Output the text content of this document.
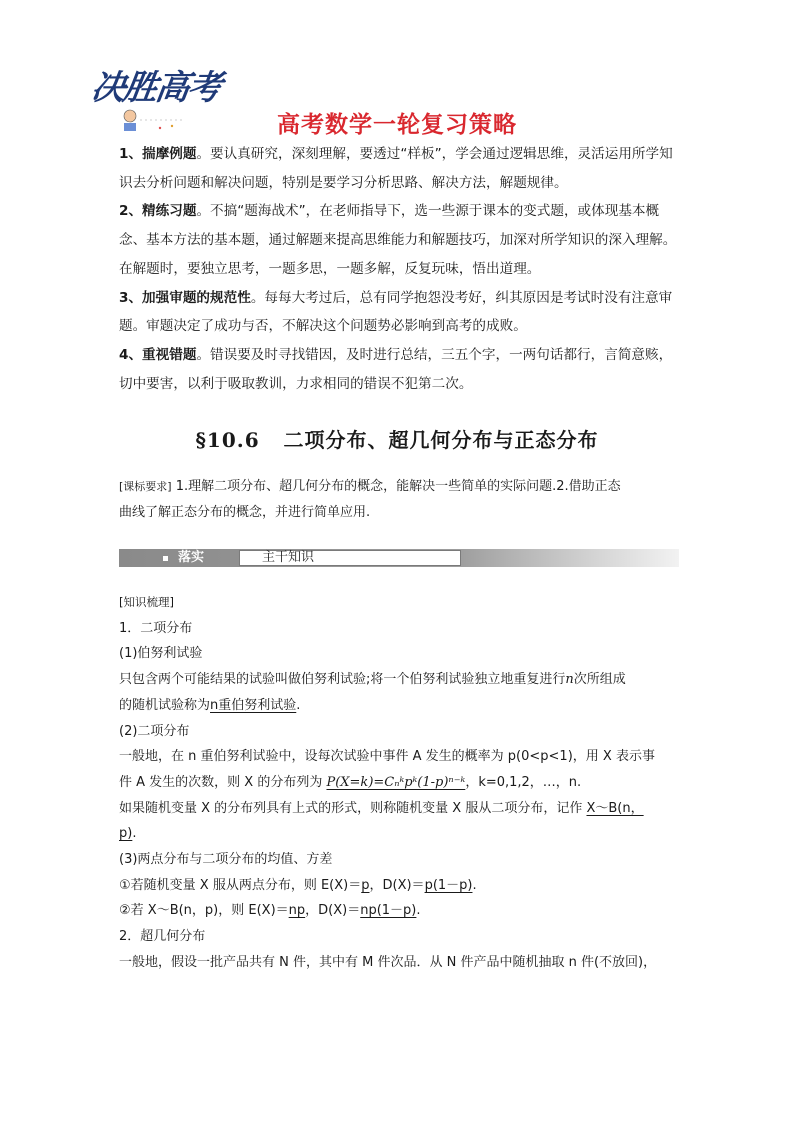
决胜高考
高考数学一轮复习策略

1、揣摩例题。要认真研究，深刻理解，要透过“样板”，学会通过逻辑思维，灵活运用所学知识去分析问题和解决问题，特别是要学习分析思路、解决方法，解题规律。

2、精练习题。不搞“题海战术”，在老师指导下，选一些源于课本的变式题，或体现基本概念、基本方法的基本题，通过解题来提高思维能力和解题技巧，加深对所学知识的深入理解。在解题时，要独立思考，一题多思，一题多解，反复玩味，悟出道理。

3、加强审题的规范性。每每大考过后，总有同学抱怨没考好，纠其原因是考试时没有注意审题。审题决定了成功与否，不解决这个问题势必影响到高考的成败。

4、重视错题。错误要及时寻找错因，及时进行总结，三五个字，一两句话都行，言简意赅，切中要害，以利于吸取教训，力求相同的错误不犯第二次。

§10.6 二项分布、超几何分布与正态分布
[课标要求] 1.理解二项分布、超几何分布的概念，能解决一些简单的实际问题.2.借助正态
曲线了解正态分布的概念，并进行简单应用.
落实	主干知识
[知识梳理]
1．二项分布
(1)伯努利试验
只包含两个可能结果的试验叫做伯努利试验;将一个伯努利试验独立地重复进行n次所组成
的随机试验称为n重伯努利试验.
(2)二项分布
一般地，在 n 重伯努利试验中，设每次试验中事件 A 发生的概率为 p(0<p<1)，用 X 表示事
件 A 发生的次数，则 X 的分布列为 P(X=k)=Cₙᵏpᵏ(1-p)ⁿ⁻ᵏ，k=0,1,2，…，n.
如果随机变量 X 的分布列具有上式的形式，则称随机变量 X 服从二项分布，记作 X～B(n，
p).
(3)两点分布与二项分布的均值、方差
①若随机变量 X 服从两点分布，则 E(X)＝p，D(X)＝p(1－p).
②若 X～B(n，p)，则 E(X)＝np，D(X)＝np(1－p).
2．超几何分布
一般地，假设一批产品共有 N 件，其中有 M 件次品．从 N 件产品中随机抽取 n 件(不放回)，
